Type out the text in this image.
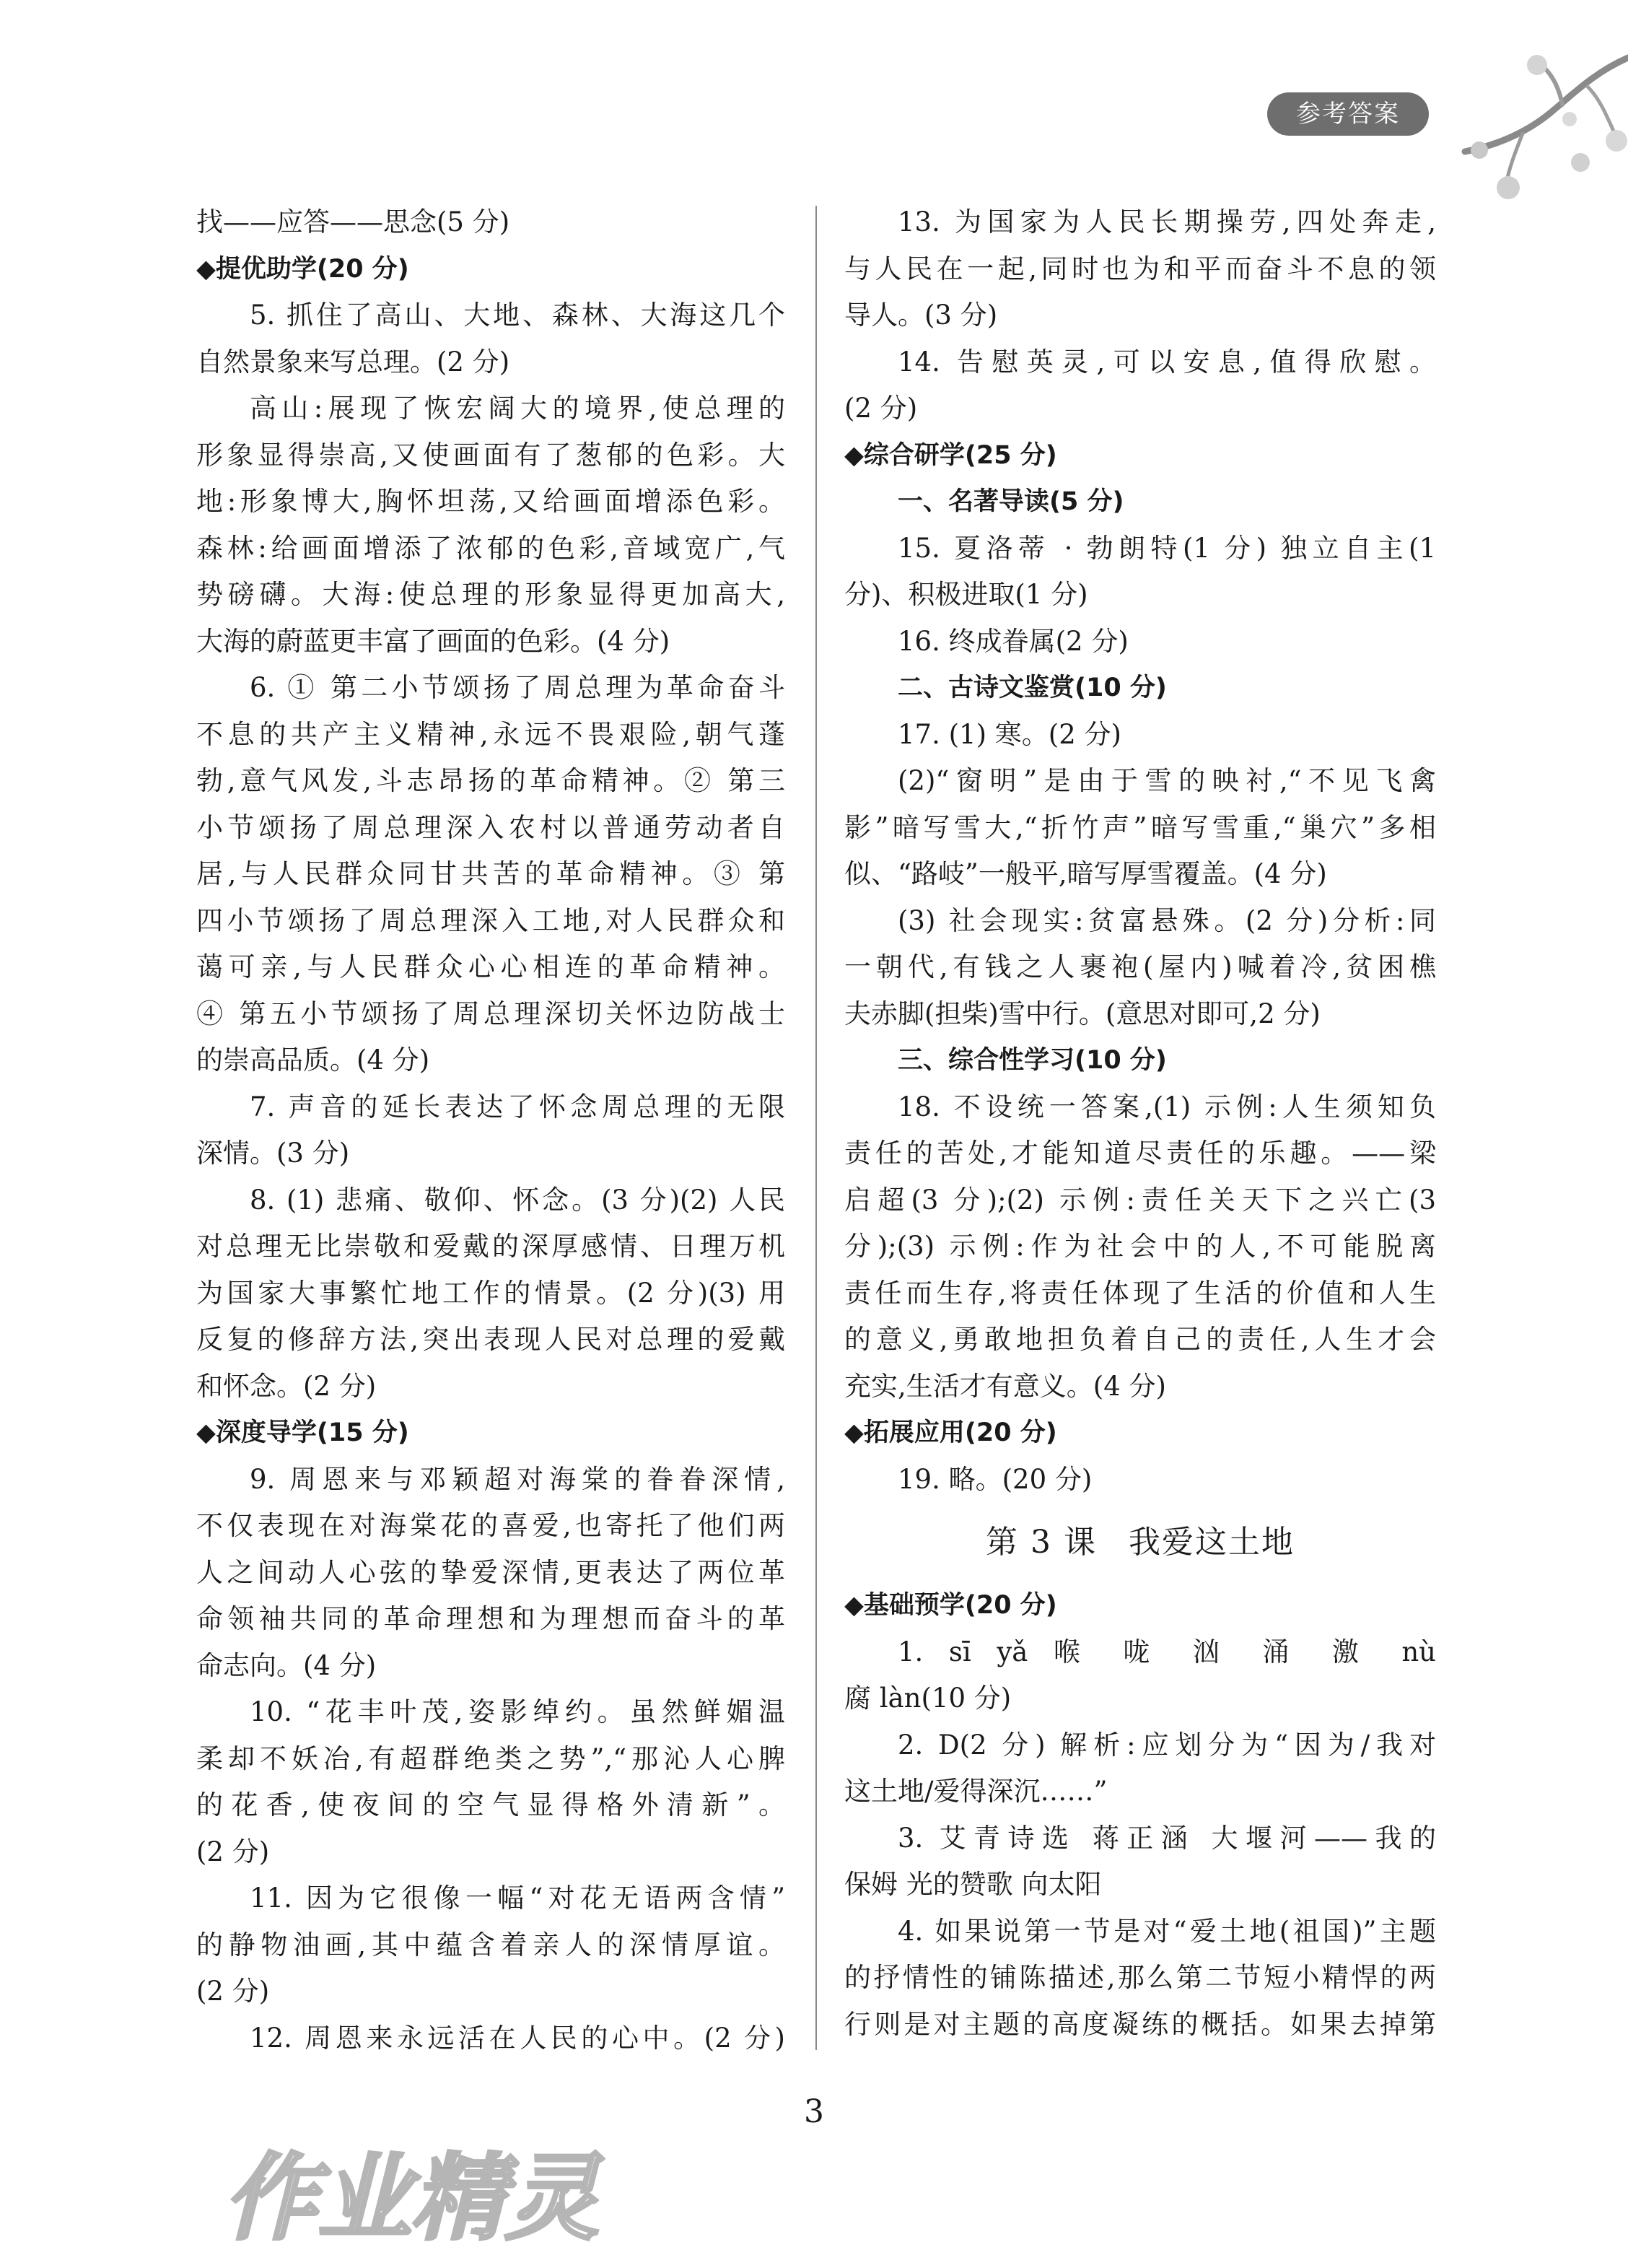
参考答案
找——应答——思念(5 分)
◆提优助学(20 分)
5. 抓住了高山、大地、森林、大海这几个
自然景象来写总理。(2 分)
高山:展现了恢宏阔大的境界,使总理的
形象显得崇高,又使画面有了葱郁的色彩。大
地:形象博大,胸怀坦荡,又给画面增添色彩。
森林:给画面增添了浓郁的色彩,音域宽广,气
势磅礴。大海:使总理的形象显得更加高大,
大海的蔚蓝更丰富了画面的色彩。(4 分)
6. ① 第二小节颂扬了周总理为革命奋斗
不息的共产主义精神,永远不畏艰险,朝气蓬
勃,意气风发,斗志昂扬的革命精神。② 第三
小节颂扬了周总理深入农村以普通劳动者自
居,与人民群众同甘共苦的革命精神。③ 第
四小节颂扬了周总理深入工地,对人民群众和
蔼可亲,与人民群众心心相连的革命精神。
④ 第五小节颂扬了周总理深切关怀边防战士
的崇高品质。(4 分)
7. 声音的延长表达了怀念周总理的无限
深情。(3 分)
8. (1) 悲痛、敬仰、怀念。(3 分)(2) 人民
对总理无比崇敬和爱戴的深厚感情、日理万机
为国家大事繁忙地工作的情景。(2 分)(3) 用
反复的修辞方法,突出表现人民对总理的爱戴
和怀念。(2 分)
◆深度导学(15 分)
9. 周恩来与邓颖超对海棠的眷眷深情,
不仅表现在对海棠花的喜爱,也寄托了他们两
人之间动人心弦的挚爱深情,更表达了两位革
命领袖共同的革命理想和为理想而奋斗的革
命志向。(4 分)
10. “花丰叶茂,姿影绰约。虽然鲜媚温
柔却不妖冶,有超群绝类之势”,“那沁人心脾
的花香,使夜间的空气显得格外清新”。
(2 分)
11. 因为它很像一幅“对花无语两含情”
的静物油画,其中蕴含着亲人的深情厚谊。
(2 分)
12. 周恩来永远活在人民的心中。(2 分)
13. 为国家为人民长期操劳,四处奔走,
与人民在一起,同时也为和平而奋斗不息的领
导人。(3 分)
14. 告慰英灵,可以安息,值得欣慰。
(2 分)
◆综合研学(25 分)
一、名著导读(5 分)
15. 夏洛蒂 · 勃朗特(1 分) 独立自主(1
分)、积极进取(1 分)
16. 终成眷属(2 分)
二、古诗文鉴赏(10 分)
17. (1) 寒。(2 分)
(2)“窗明”是由于雪的映衬,“不见飞禽
影”暗写雪大,“折竹声”暗写雪重,“巢穴”多相
似、“路岐”一般平,暗写厚雪覆盖。(4 分)
(3) 社会现实:贫富悬殊。(2 分)分析:同
一朝代,有钱之人裹袍(屋内)喊着冷,贫困樵
夫赤脚(担柴)雪中行。(意思对即可,2 分)
三、综合性学习(10 分)
18. 不设统一答案,(1) 示例:人生须知负
责任的苦处,才能知道尽责任的乐趣。——梁
启超(3 分);(2) 示例:责任关天下之兴亡(3
分);(3) 示例:作为社会中的人,不可能脱离
责任而生存,将责任体现了生活的价值和人生
的意义,勇敢地担负着自己的责任,人生才会
充实,生活才有意义。(4 分)
◆拓展应用(20 分)
19. 略。(20 分)
第 3 课 我爱这土地
◆基础预学(20 分)
1. sī yǎ 喉 咙 汹 涌 激 nù
腐 làn(10 分)
2. D(2 分) 解析:应划分为“因为/我对
这土地/爱得深沉……”
3. 艾青诗选 蒋正涵 大堰河——我的
保姆 光的赞歌 向太阳
4. 如果说第一节是对“爱土地(祖国)”主题
的抒情性的铺陈描述,那么第二节短小精悍的两
行则是对主题的高度凝练的概括。如果去掉第
3
作业精灵
